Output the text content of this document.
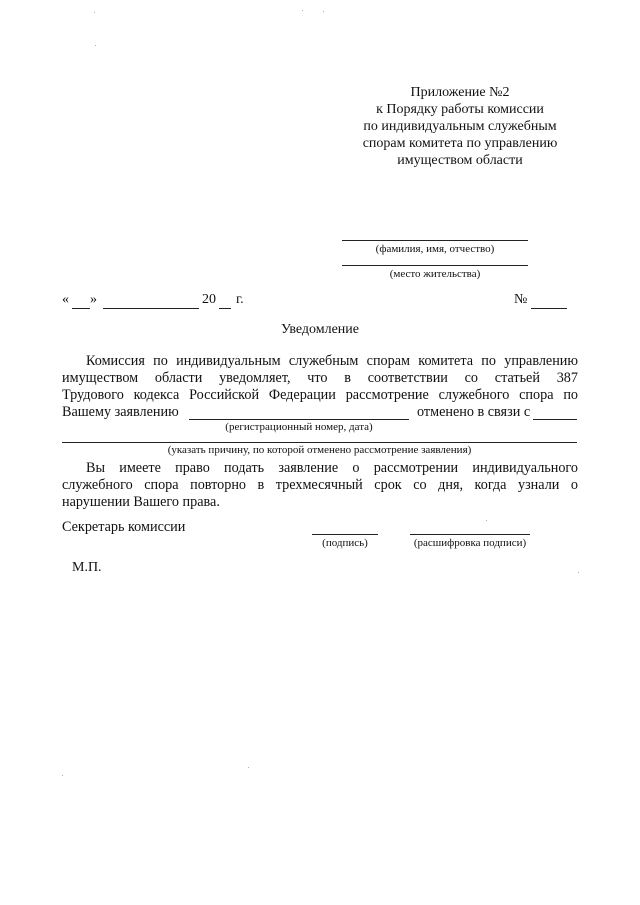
Приложение №2
к Порядку работы комиссии
по индивидуальным служебным
спорам комитета по управлению
имуществом области
(фамилия, имя, отчество)
(место жительства)
« »	20 г.	№
Уведомление
Комиссия по индивидуальным служебным спорам комитета по управлению
имуществом области уведомляет, что в соответствии со статьей 387
Трудового кодекса Российской Федерации рассмотрение служебного спора по
Вашему заявлению	отменено в связи с
(регистрационный номер, дата)
(указать причину, по которой отменено рассмотрение заявления)
Вы имеете право подать заявление о рассмотрении индивидуального
служебного спора повторно в трехмесячный срок со дня, когда узнали о
нарушении Вашего права.
Секретарь комиссии
(подпись)	(расшифровка подписи)
М.П.
